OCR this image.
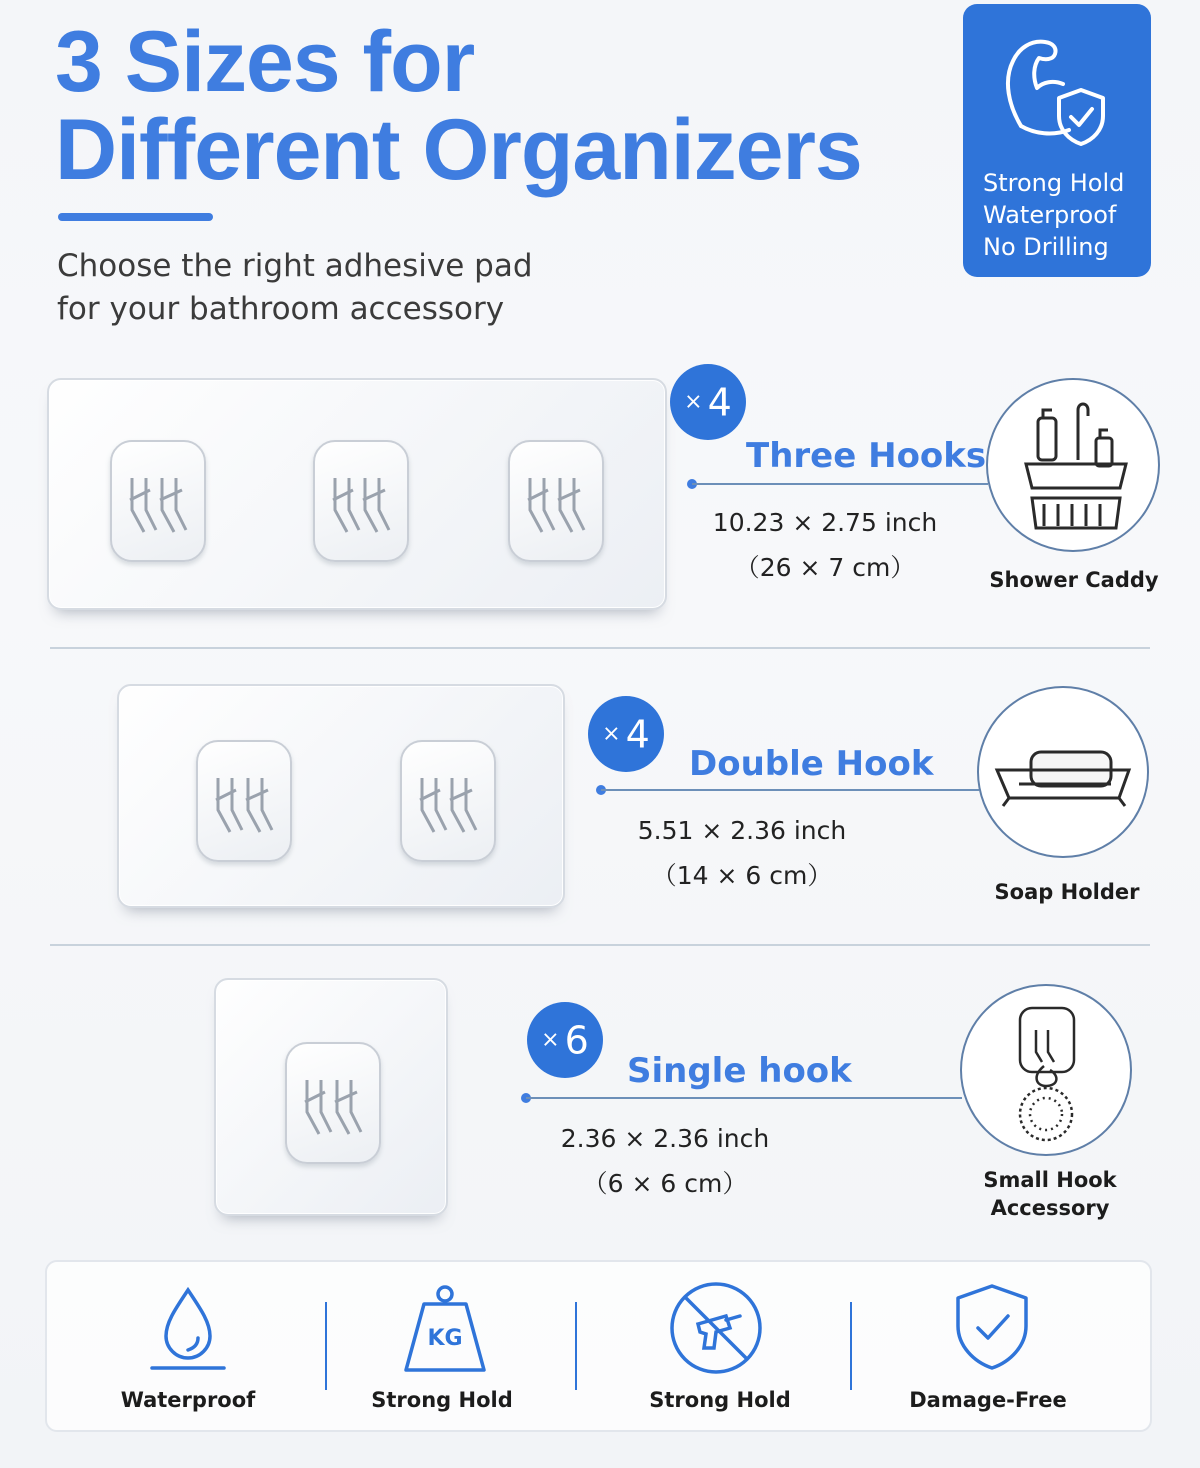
3 Sizes for
Different Organizers
Choose the right adhesive pad
for your bathroom accessory
Strong Hold
Waterproof
No Drilling
× 4
Three Hooks
10.23 × 2.75 inch
（26 × 7 cm）	Shower Caddy
× 4
Double Hook
5.51 × 2.36 inch
（14 × 6 cm）
Soap Holder
× 6
Single hook
2.36 × 2.36 inch
（6 × 6 cm）	Small Hook
Accessory
Waterproof
KG
Strong Hold	Strong Hold	Damage-Free
